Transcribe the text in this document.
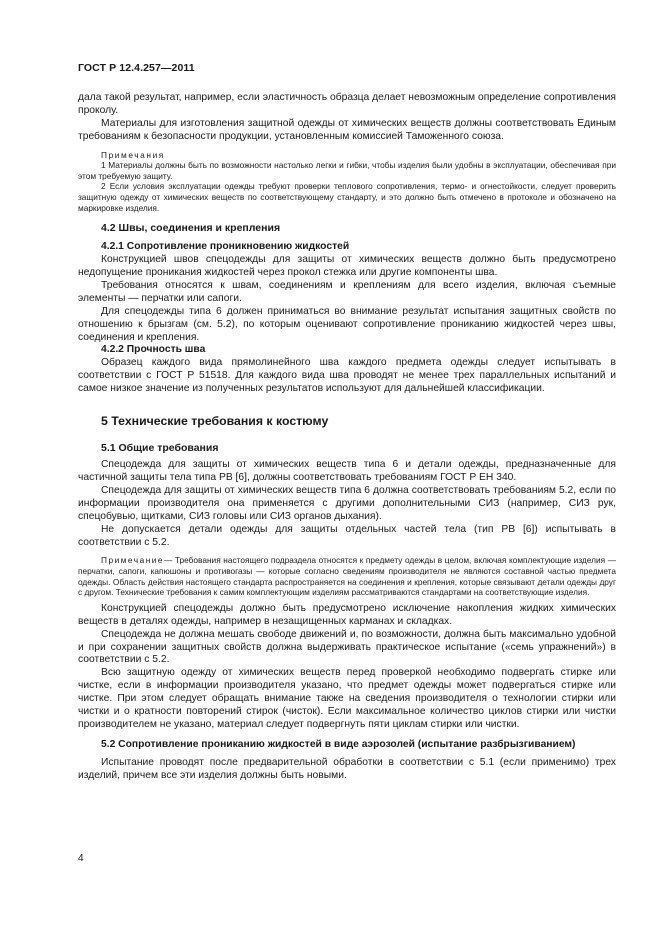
ГОСТ Р 12.4.257—2011

дала такой результат, например, если эластичность образца делает невозможным определение сопротивления проколу.

Материалы для изготовления защитной одежды от химических веществ должны соответствовать Единым требованиям к безопасности продукции, установленным комиссией Таможенного союза.

Примечания

1 Материалы должны быть по возможности настолько легки и гибки, чтобы изделия были удобны в эксплуатации, обеспечивая при этом требуемую защиту.

2 Если условия эксплуатации одежды требуют проверки теплового сопротивления, термо- и огнестойкости, следует проверить защитную одежду от химических веществ по соответствующему стандарту, и это должно быть отмечено в протоколе и обозначено на маркировке изделия.

4.2 Швы, соединения и крепления
4.2.1 Сопротивление проникновению жидкостей

Конструкцией швов спецодежды для защиты от химических веществ должно быть предусмотрено недопущение проникания жидкостей через прокол стежка или другие компоненты шва.

Требования относятся к швам, соединениям и креплениям для всего изделия, включая съемные элементы — перчатки или сапоги.

Для спецодежды типа 6 должен приниматься во внимание результат испытания защитных свойств по отношению к брызгам (см. 5.2), по которым оценивают сопротивление прониканию жидкостей через швы, соединения и крепления.

4.2.2 Прочность шва

Образец каждого вида прямолинейного шва каждого предмета одежды следует испытывать в соответствии с ГОСТ Р 51518. Для каждого вида шва проводят не менее трех параллельных испытаний и самое низкое значение из полученных результатов используют для дальнейшей классификации.

5 Технические требования к костюму
5.1 Общие требования

Спецодежда для защиты от химических веществ типа 6 и детали одежды, предназначенные для частичной защиты тела типа PB [6], должны соответствовать требованиям ГОСТ Р ЕН 340.

Спецодежда для защиты от химических веществ типа 6 должна соответствовать требованиям 5.2, если по информации производителя она применяется с другими дополнительными СИЗ (например, СИЗ рук, спецобувью, щитками, СИЗ головы или СИЗ органов дыхания).

Не допускается детали одежды для защиты отдельных частей тела (тип PB [6]) испытывать в соответствии с 5.2.

Примечание— Требования настоящего подраздела относятся к предмету одежды в целом, включая комплектующие изделия — перчатки, сапоги, капюшоны и противогазы — которые согласно сведениям производителя не являются составной частью предмета одежды. Область действия настоящего стандарта распространяется на соединения и крепления, которые связывают детали одежды друг с другом. Технические требования к самим комплектующим изделиям рассматриваются стандартами на соответствующие изделия.

Конструкцией спецодежды должно быть предусмотрено исключение накопления жидких химических веществ в деталях одежды, например в незащищенных карманах и складках.

Спецодежда не должна мешать свободе движений и, по возможности, должна быть максимально удобной и при сохранении защитных свойств должна выдерживать практическое испытание («семь упражнений») в соответствии с 5.2.

Всю защитную одежду от химических веществ перед проверкой необходимо подвергать стирке или чистке, если в информации производителя указано, что предмет одежды может подвергаться стирке или чистке. При этом следует обращать внимание также на сведения производителя о технологии стирки или чистки и о кратности повторений стирок (чисток). Если максимальное количество циклов стирки или чистки производителем не указано, материал следует подвергнуть пяти циклам стирки или чистки.

5.2 Сопротивление прониканию жидкостей в виде аэрозолей (испытание разбрызгиванием)

Испытание проводят после предварительной обработки в соответствии с 5.1 (если применимо) трех изделий, причем все эти изделия должны быть новыми.

4
